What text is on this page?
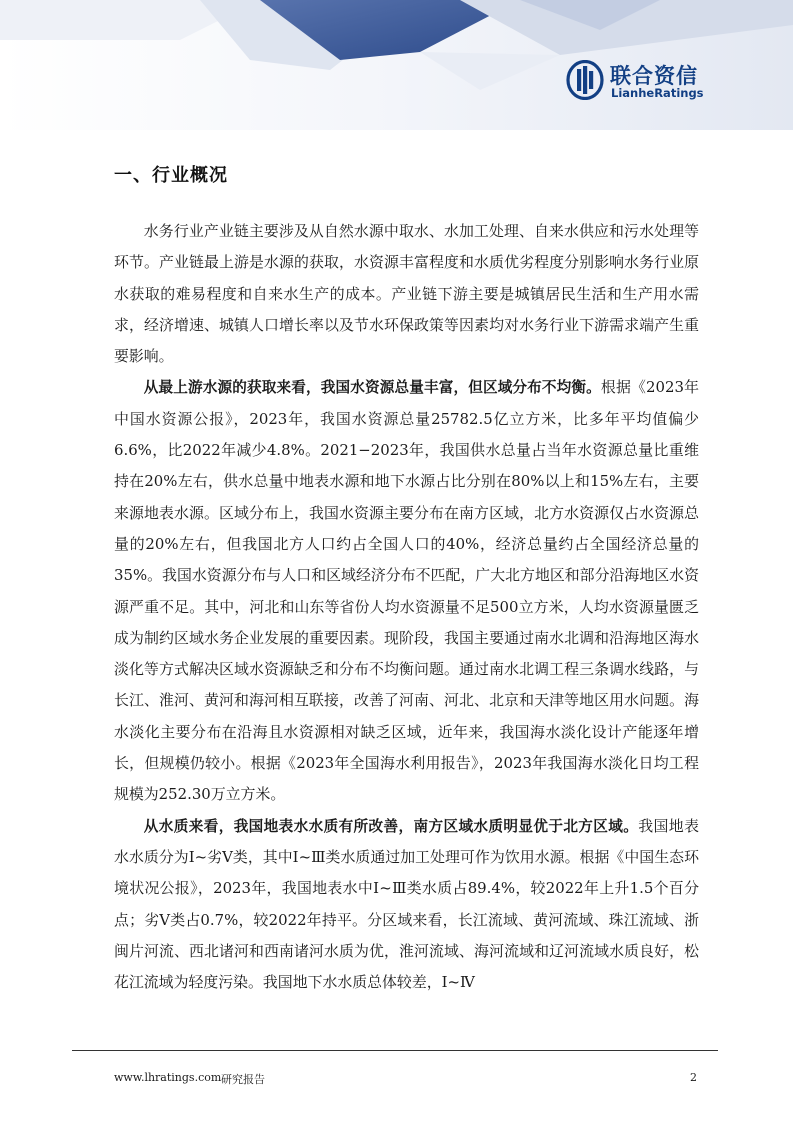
联合资信
LianheRatings
一、行业概况

水务行业产业链主要涉及从自然水源中取水、水加工处理、自来水供应和污水处理等环节。产业链最上游是水源的获取，水资源丰富程度和水质优劣程度分别影响水务行业原水获取的难易程度和自来水生产的成本。产业链下游主要是城镇居民生活和生产用水需求，经济增速、城镇人口增长率以及节水环保政策等因素均对水务行业下游需求端产生重要影响。

从最上游水源的获取来看，我国水资源总量丰富，但区域分布不均衡。根据《2023年中国水资源公报》，2023年，我国水资源总量25782.5亿立方米，比多年平均值偏少6.6%，比2022年减少4.8%。2021−2023年，我国供水总量占当年水资源总量比重维持在20%左右，供水总量中地表水源和地下水源占比分别在80%以上和15%左右，主要来源地表水源。区域分布上，我国水资源主要分布在南方区域，北方水资源仅占水资源总量的20%左右，但我国北方人口约占全国人口的40%，经济总量约占全国经济总量的35%。我国水资源分布与人口和区域经济分布不匹配，广大北方地区和部分沿海地区水资源严重不足。其中，河北和山东等省份人均水资源量不足500立方米，人均水资源量匮乏成为制约区域水务企业发展的重要因素。现阶段，我国主要通过南水北调和沿海地区海水淡化等方式解决区域水资源缺乏和分布不均衡问题。通过南水北调工程三条调水线路，与长江、淮河、黄河和海河相互联接，改善了河南、河北、北京和天津等地区用水问题。海水淡化主要分布在沿海且水资源相对缺乏区域，近年来，我国海水淡化设计产能逐年增长，但规模仍较小。根据《2023年全国海水利用报告》，2023年我国海水淡化日均工程规模为252.30万立方米。

从水质来看，我国地表水水质有所改善，南方区域水质明显优于北方区域。我国地表水水质分为Ⅰ~劣Ⅴ类，其中Ⅰ~Ⅲ类水质通过加工处理可作为饮用水源。根据《中国生态环境状况公报》，2023年，我国地表水中Ⅰ~Ⅲ类水质占89.4%，较2022年上升1.5个百分点；劣Ⅴ类占0.7%，较2022年持平。分区域来看，长江流域、黄河流域、珠江流域、浙闽片河流、西北诸河和西南诸河水质为优，淮河流域、海河流域和辽河流域水质良好，松花江流域为轻度污染。我国地下水水质总体较差，Ⅰ~Ⅳ

www.lhratings.com 研究报告	2
